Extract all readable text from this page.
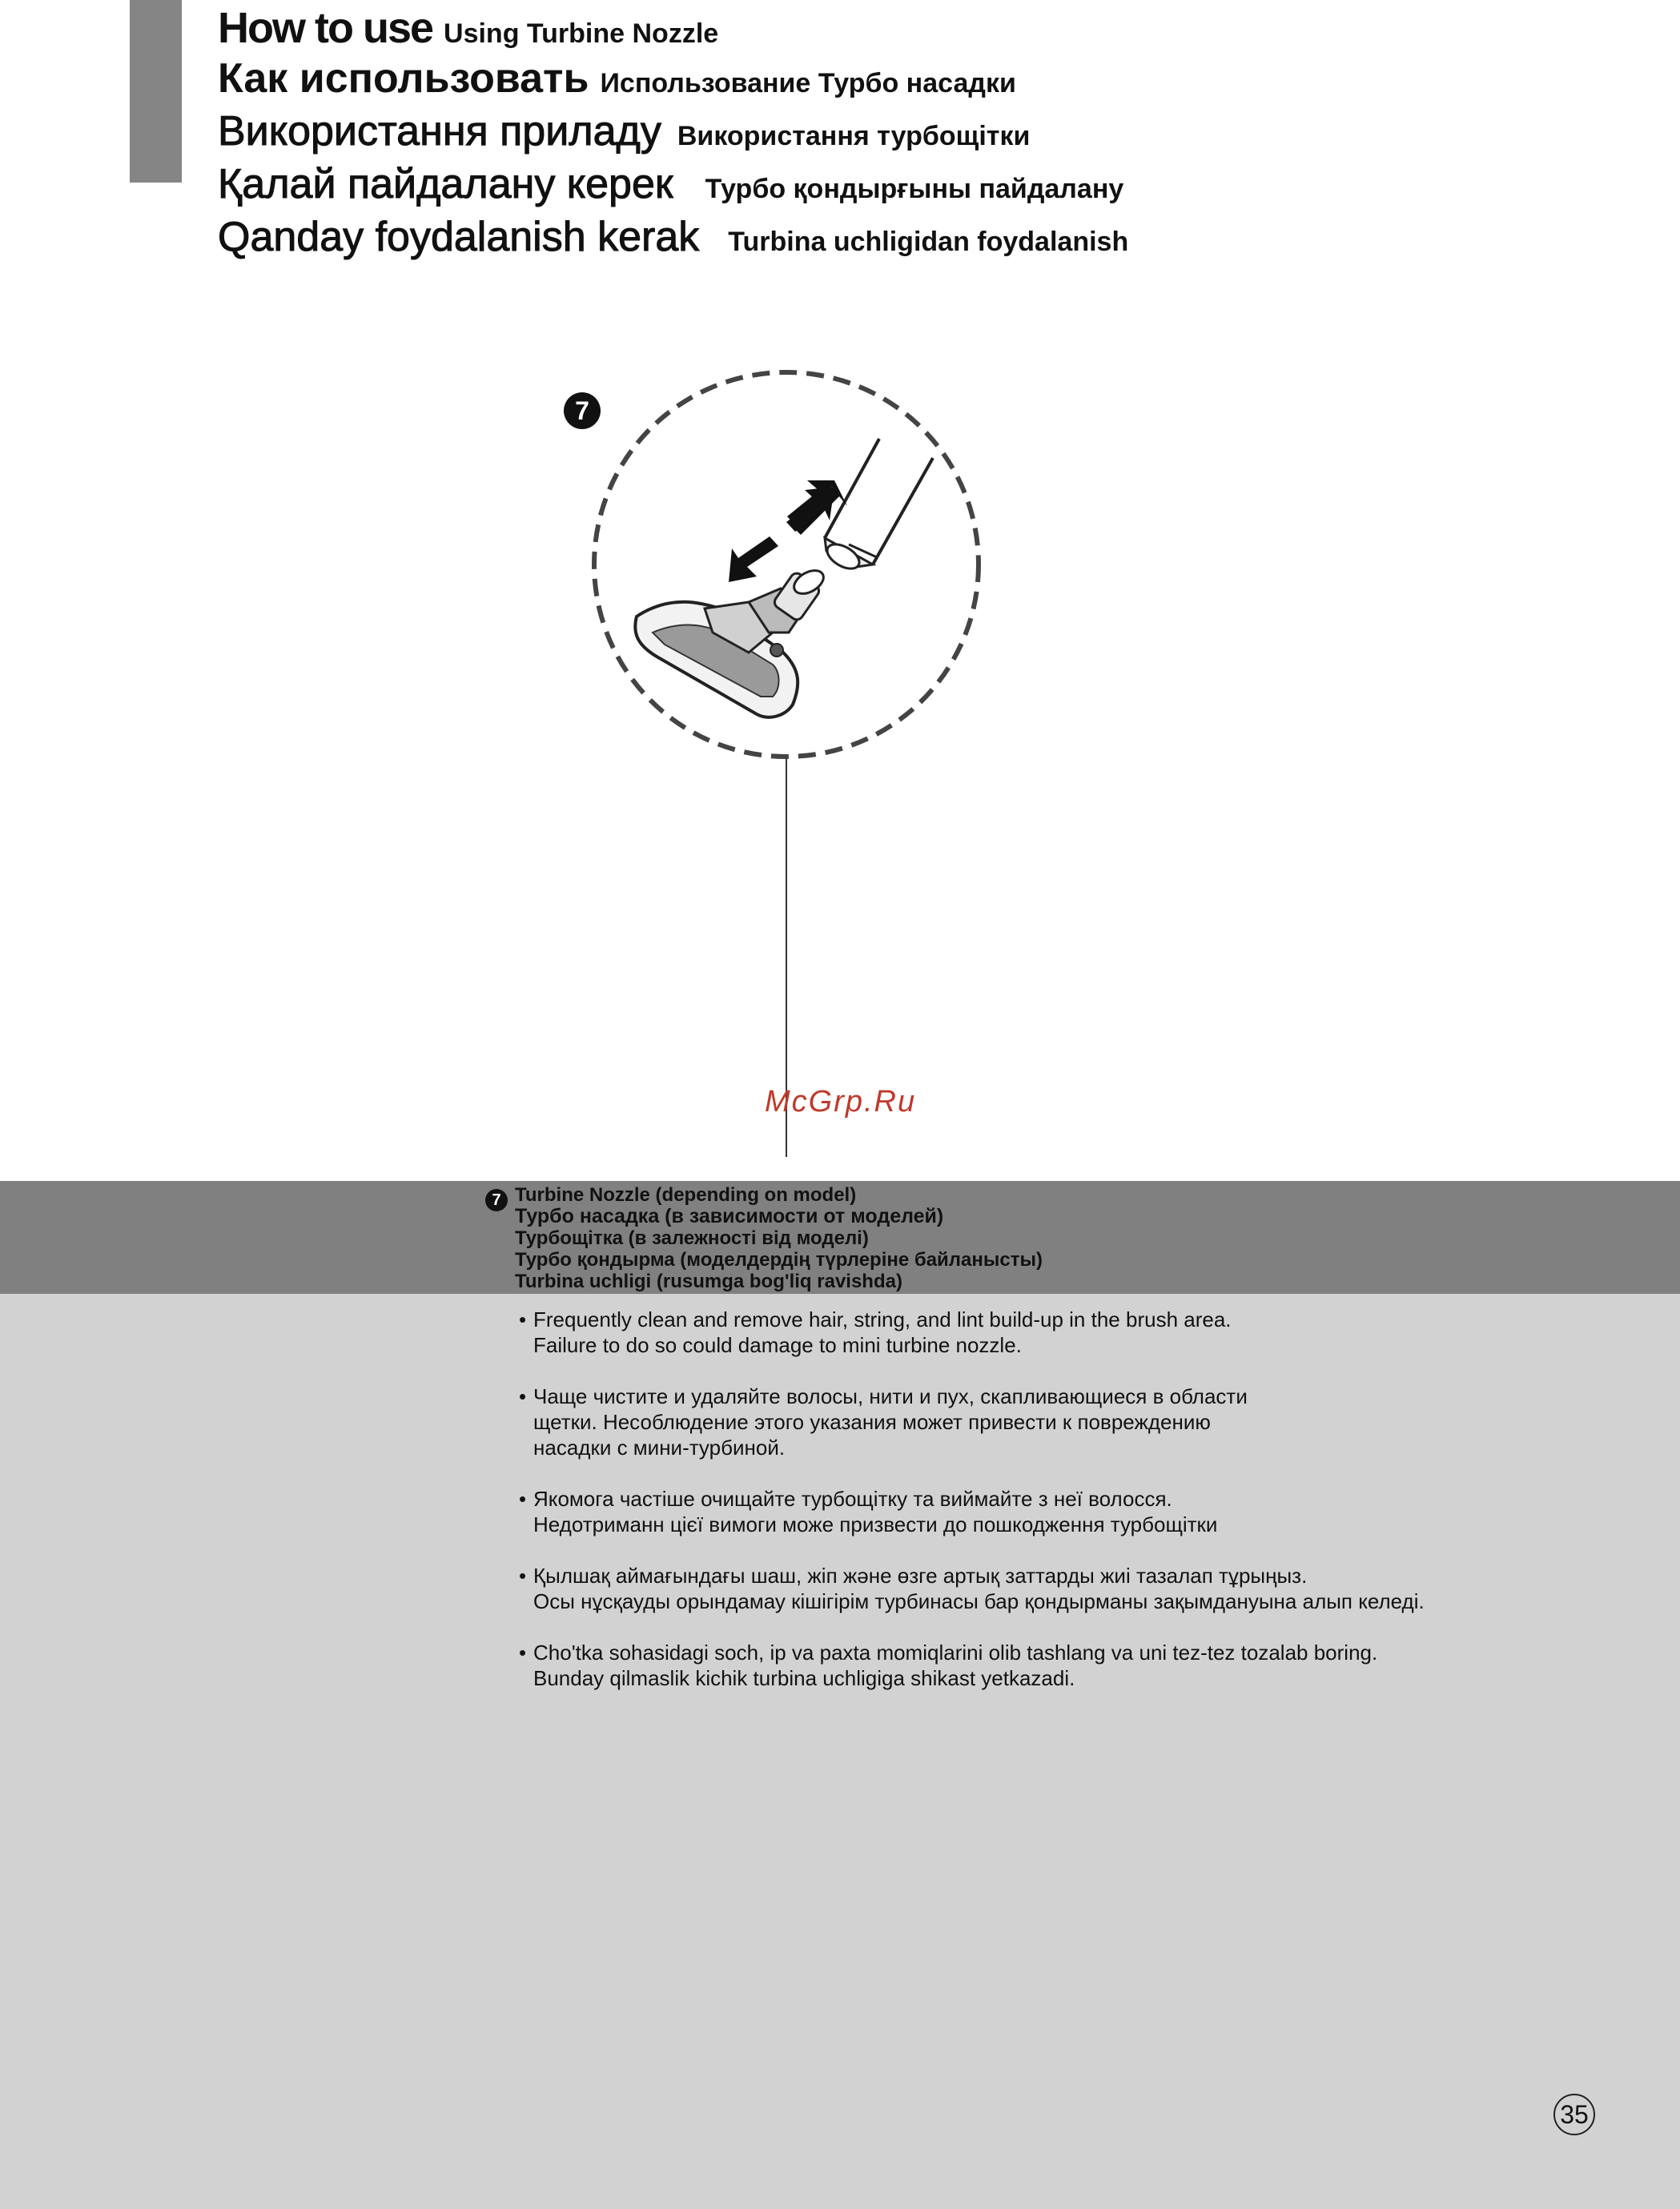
How to use Using Turbine Nozzle
Как использовать Использование Турбо насадки
Використання приладу Використання турбощітки
Қалай пайдалану керек Турбо қондырғыны пайдалану
Qanday foydalanish kerak Turbina uchligidan foydalanish
7
McGrp.Ru
7 Turbine Nozzle (depending on model)
Турбо насадка (в зависимости от моделей)
Турбощітка (в залежності від моделі)
Турбо қондырма (моделдердің түрлеріне байланысты)
Turbina uchligi (rusumga bog'liq ravishda)
• Frequently clean and remove hair, string, and lint build-up in the brush area.
Failure to do so could damage to mini turbine nozzle.
• Чаще чистите и удаляйте волосы, нити и пух, скапливающиеся в области
щетки. Несоблюдение этого указания может привести к повреждению
насадки с мини-турбиной.
• Якомога частіше очищайте турбощітку та виймайте з неї волосся.
Недотриманн цієї вимоги може призвести до пошкодження турбощітки
• Қылшақ аймағындағы шаш, жіп және өзге артық заттарды жиі тазалап тұрыңыз.
Осы нұсқауды орындамау кішігірім турбинасы бар қондырманы зақымдануына алып келеді.
• Cho'tka sohasidagi soch, ip va paxta momiqlarini olib tashlang va uni tez-tez tozalab boring.
Bunday qilmaslik kichik turbina uchligiga shikast yetkazadi.
35
